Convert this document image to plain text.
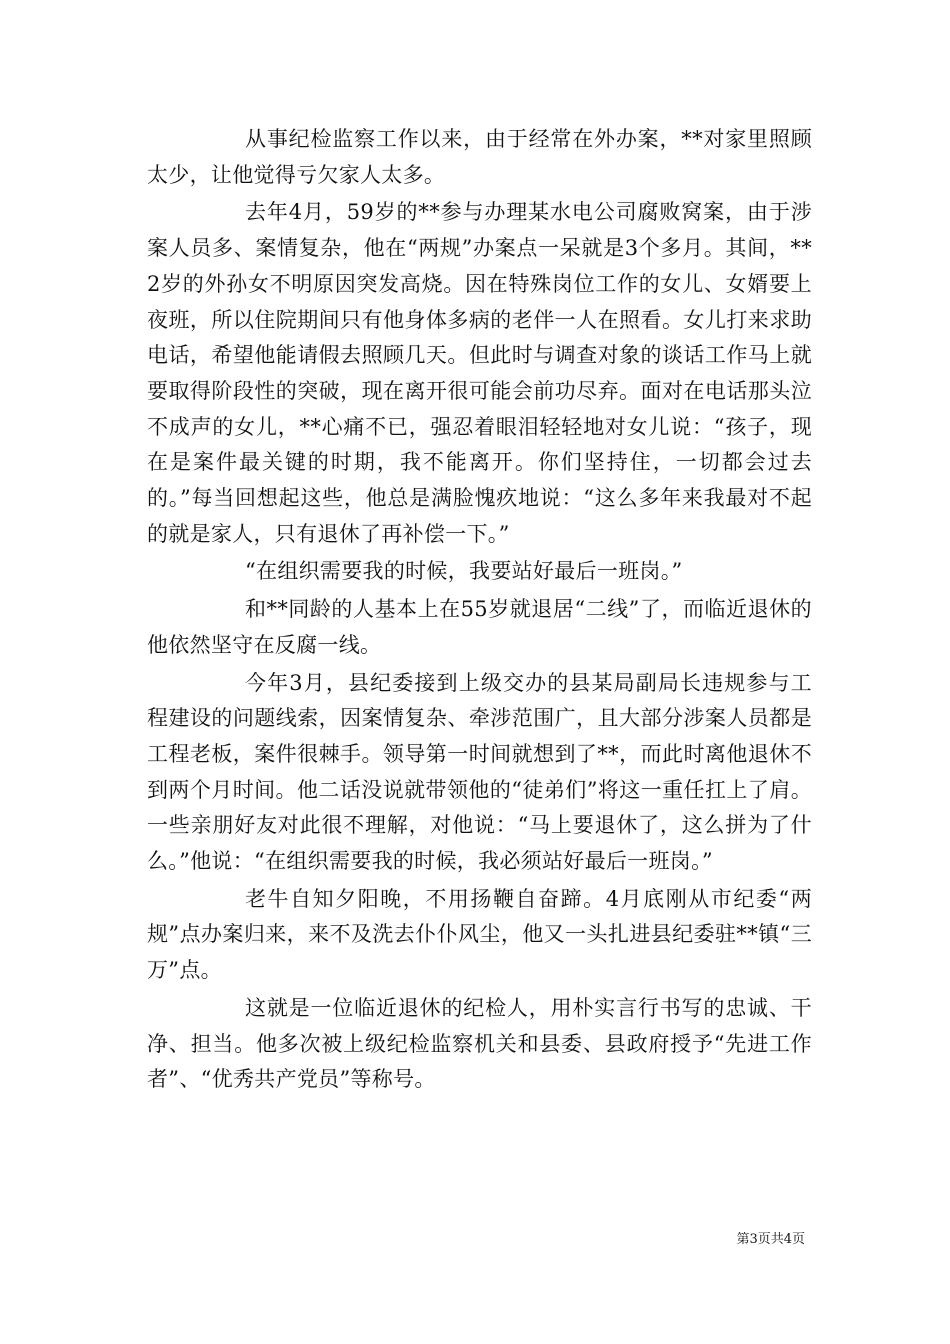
从事纪检监察工作以来，由于经常在外办案，**对家里照顾太少，让他觉得亏欠家人太多。

去年4月，59岁的**参与办理某水电公司腐败窝案，由于涉案人员多、案情复杂，他在“两规”办案点一呆就是3个多月。其间，**2岁的外孙女不明原因突发高烧。因在特殊岗位工作的女儿、女婿要上夜班，所以住院期间只有他身体多病的老伴一人在照看。女儿打来求助电话，希望他能请假去照顾几天。但此时与调查对象的谈话工作马上就要取得阶段性的突破，现在离开很可能会前功尽弃。面对在电话那头泣不成声的女儿，**心痛不已，强忍着眼泪轻轻地对女儿说：“孩子，现在是案件最关键的时期，我不能离开。你们坚持住，一切都会过去的。”每当回想起这些，他总是满脸愧疚地说：“这么多年来我最对不起的就是家人，只有退休了再补偿一下。”

“在组织需要我的时候，我要站好最后一班岗。”

和**同龄的人基本上在55岁就退居“二线”了，而临近退休的他依然坚守在反腐一线。

今年3月，县纪委接到上级交办的县某局副局长违规参与工程建设的问题线索，因案情复杂、牵涉范围广，且大部分涉案人员都是工程老板，案件很棘手。领导第一时间就想到了**，而此时离他退休不到两个月时间。他二话没说就带领他的“徒弟们”将这一重任扛上了肩。一些亲朋好友对此很不理解，对他说：“马上要退休了，这么拼为了什么。”他说：“在组织需要我的时候，我必须站好最后一班岗。”

老牛自知夕阳晚，不用扬鞭自奋蹄。4月底刚从市纪委“两规”点办案归来，来不及洗去仆仆风尘，他又一头扎进县纪委驻**镇“三万”点。

这就是一位临近退休的纪检人，用朴实言行书写的忠诚、干净、担当。他多次被上级纪检监察机关和县委、县政府授予“先进工作者”、“优秀共产党员”等称号。

第3页共4页
